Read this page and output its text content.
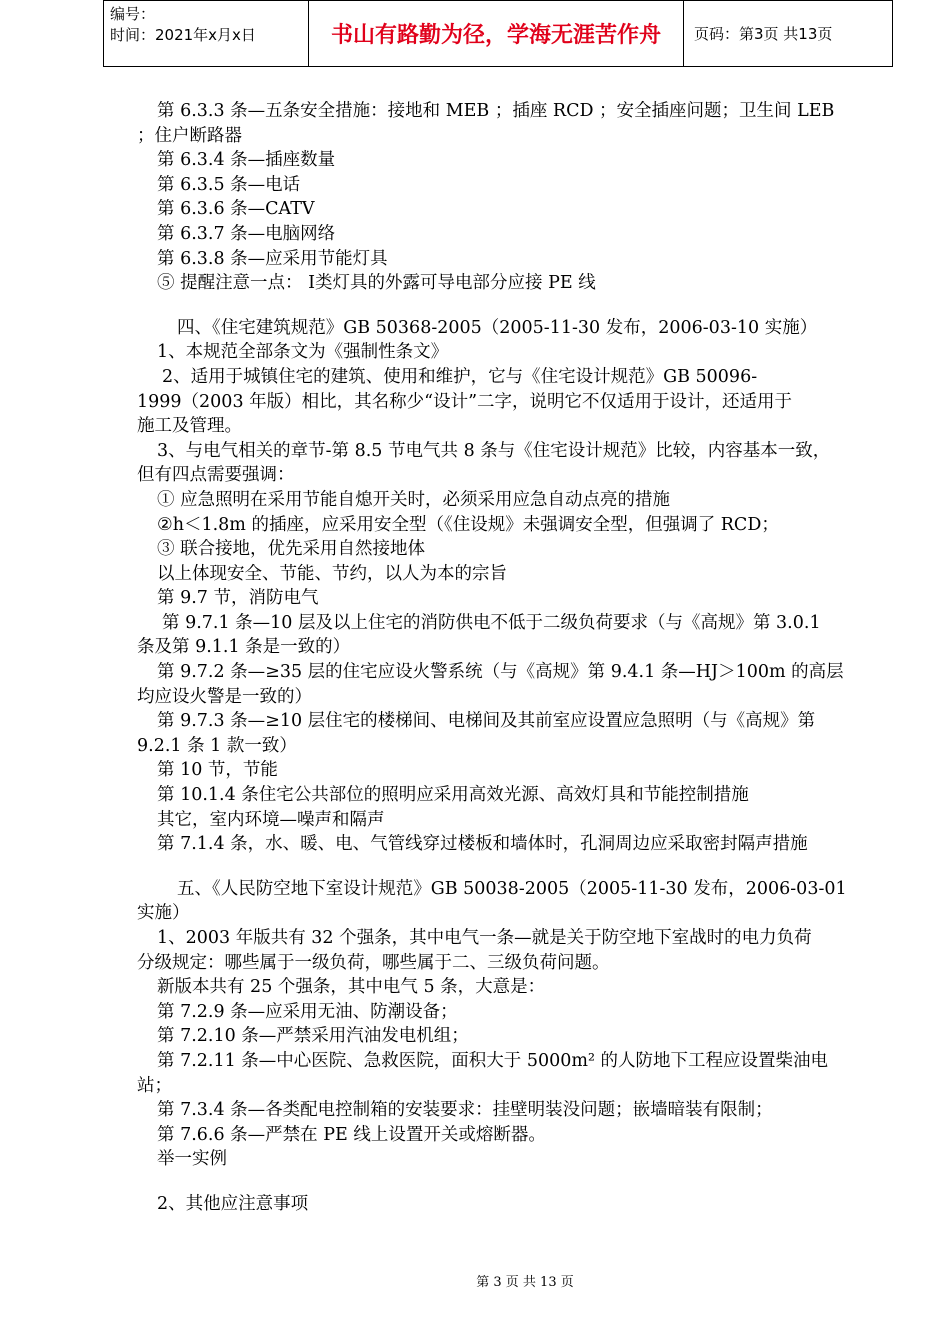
编号：
时间：2021年x月x日	书山有路勤为径，学海无涯苦作舟	页码：第3页 共13页
第 6.3.3 条—五条安全措施：接地和 MEB ；插座 RCD ；安全插座问题；卫生间 LEB
；住户断路器
第 6.3.4 条—插座数量
第 6.3.5 条—电话
第 6.3.6 条—CATV
第 6.3.7 条—电脑网络
第 6.3.8 条—应采用节能灯具
⑤ 提醒注意一点： Ⅰ类灯具的外露可导电部分应接 PE 线
四、《住宅建筑规范》GB 50368-2005（2005-11-30 发布，2006-03-10 实施）
1、本规范全部条文为《强制性条文》
2、适用于城镇住宅的建筑、使用和维护，它与《住宅设计规范》GB 50096-
1999（2003 年版）相比，其名称少“设计”二字，说明它不仅适用于设计，还适用于
施工及管理。
3、与电气相关的章节-第 8.5 节电气共 8 条与《住宅设计规范》比较，内容基本一致，
但有四点需要强调：
① 应急照明在采用节能自熄开关时，必须采用应急自动点亮的措施
②h＜1.8m 的插座，应采用安全型（《住设规》未强调安全型，但强调了 RCD；
③ 联合接地，优先采用自然接地体
以上体现安全、节能、节约，以人为本的宗旨
第 9.7 节，消防电气
第 9.7.1 条—10 层及以上住宅的消防供电不低于二级负荷要求（与《高规》第 3.0.1
条及第 9.1.1 条是一致的）
第 9.7.2 条—≥35 层的住宅应设火警系统（与《高规》第 9.4.1 条—HJ＞100m 的高层
均应设火警是一致的）
第 9.7.3 条—≥10 层住宅的楼梯间、电梯间及其前室应设置应急照明（与《高规》第
9.2.1 条 1 款一致）
第 10 节，节能
第 10.1.4 条住宅公共部位的照明应采用高效光源、高效灯具和节能控制措施
其它，室内环境—噪声和隔声
第 7.1.4 条，水、暖、电、气管线穿过楼板和墙体时，孔洞周边应采取密封隔声措施
五、《人民防空地下室设计规范》GB 50038-2005（2005-11-30 发布，2006-03-01
实施）
1、2003 年版共有 32 个强条，其中电气一条—就是关于防空地下室战时的电力负荷
分级规定：哪些属于一级负荷，哪些属于二、三级负荷问题。
新版本共有 25 个强条，其中电气 5 条，大意是：
第 7.2.9 条—应采用无油、防潮设备；
第 7.2.10 条—严禁采用汽油发电机组；
第 7.2.11 条—中心医院、急救医院，面积大于 5000m² 的人防地下工程应设置柴油电
站；
第 7.3.4 条—各类配电控制箱的安装要求：挂壁明装没问题；嵌墙暗装有限制；
第 7.6.6 条—严禁在 PE 线上设置开关或熔断器。
举一实例
2、其他应注意事项
第 3 页 共 13 页
